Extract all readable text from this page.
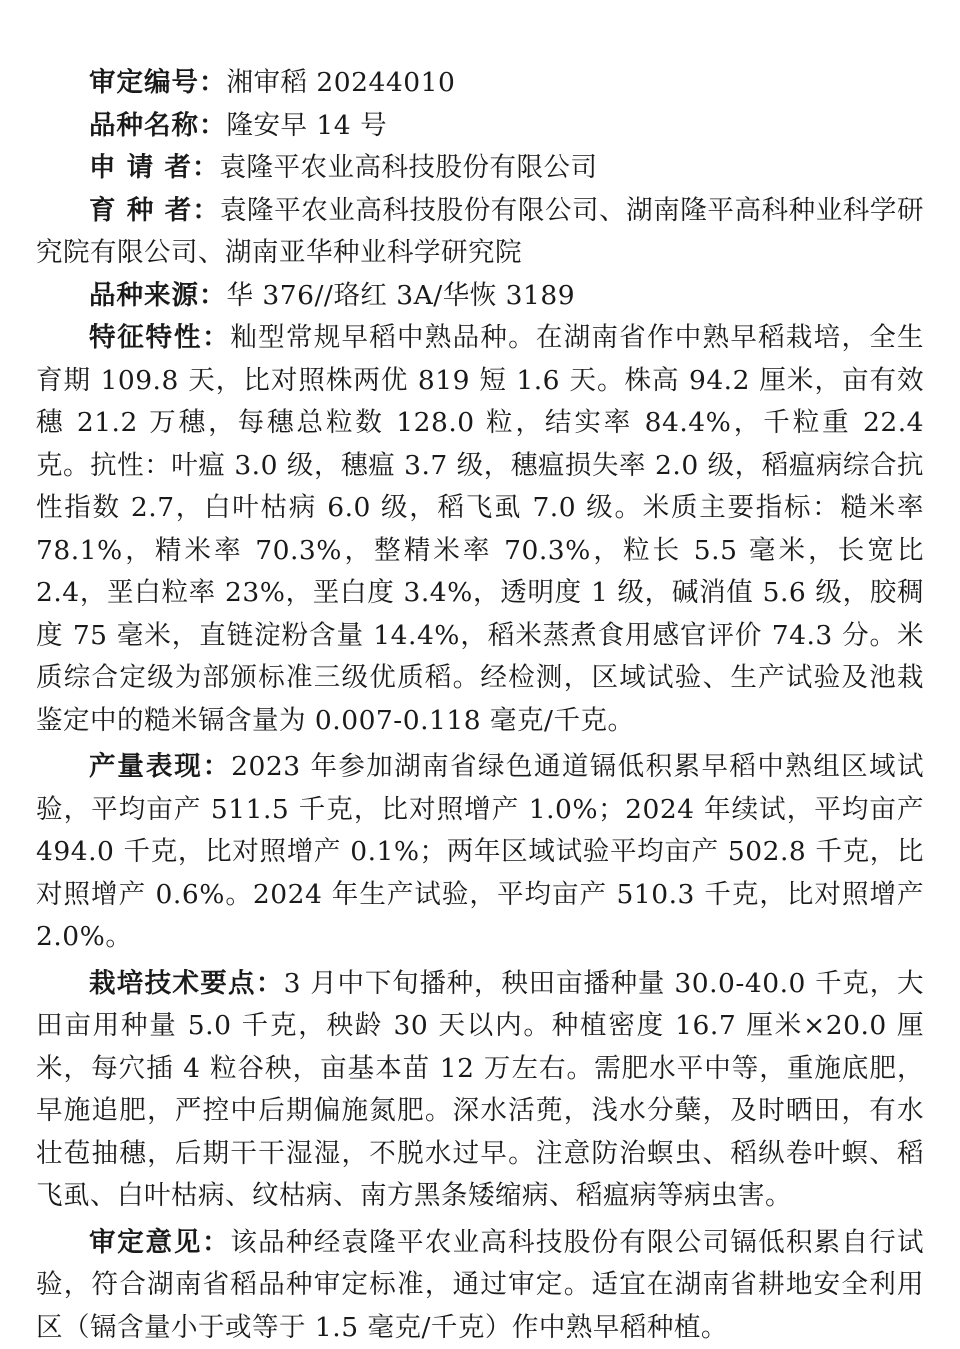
审定编号：湘审稻 20244010

品种名称：隆安早 14 号

申 请 者：袁隆平农业高科技股份有限公司

育 种 者：袁隆平农业高科技股份有限公司、湖南隆平高科种业科学研究院有限公司、湖南亚华种业科学研究院

品种来源：华 376//珞红 3A/华恢 3189

特征特性：籼型常规早稻中熟品种。在湖南省作中熟早稻栽培，全生育期 109.8 天，比对照株两优 819 短 1.6 天。株高 94.2 厘米，亩有效穗 21.2 万穗，每穗总粒数 128.0 粒，结实率 84.4%，千粒重 22.4 克。抗性：叶瘟 3.0 级，穗瘟 3.7 级，穗瘟损失率 2.0 级，稻瘟病综合抗性指数 2.7，白叶枯病 6.0 级，稻飞虱 7.0 级。米质主要指标：糙米率 78.1%，精米率 70.3%，整精米率 70.3%，粒长 5.5 毫米，长宽比 2.4，垩白粒率 23%，垩白度 3.4%，透明度 1 级，碱消值 5.6 级，胶稠度 75 毫米，直链淀粉含量 14.4%，稻米蒸煮食用感官评价 74.3 分。米质综合定级为部颁标准三级优质稻。经检测，区域试验、生产试验及池栽鉴定中的糙米镉含量为 0.007-0.118 毫克/千克。

产量表现：2023 年参加湖南省绿色通道镉低积累早稻中熟组区域试验，平均亩产 511.5 千克，比对照增产 1.0%；2024 年续试，平均亩产 494.0 千克，比对照增产 0.1%；两年区域试验平均亩产 502.8 千克，比对照增产 0.6%。2024 年生产试验，平均亩产 510.3 千克，比对照增产 2.0%。

栽培技术要点：3 月中下旬播种，秧田亩播种量 30.0-40.0 千克，大田亩用种量 5.0 千克，秧龄 30 天以内。种植密度 16.7 厘米×20.0 厘米，每穴插 4 粒谷秧，亩基本苗 12 万左右。需肥水平中等，重施底肥，早施追肥，严控中后期偏施氮肥。深水活蔸，浅水分蘖，及时晒田，有水壮苞抽穗，后期干干湿湿，不脱水过早。注意防治螟虫、稻纵卷叶螟、稻飞虱、白叶枯病、纹枯病、南方黑条矮缩病、稻瘟病等病虫害。

审定意见：该品种经袁隆平农业高科技股份有限公司镉低积累自行试验，符合湖南省稻品种审定标准，通过审定。适宜在湖南省耕地安全利用区（镉含量小于或等于 1.5 毫克/千克）作中熟早稻种植。
